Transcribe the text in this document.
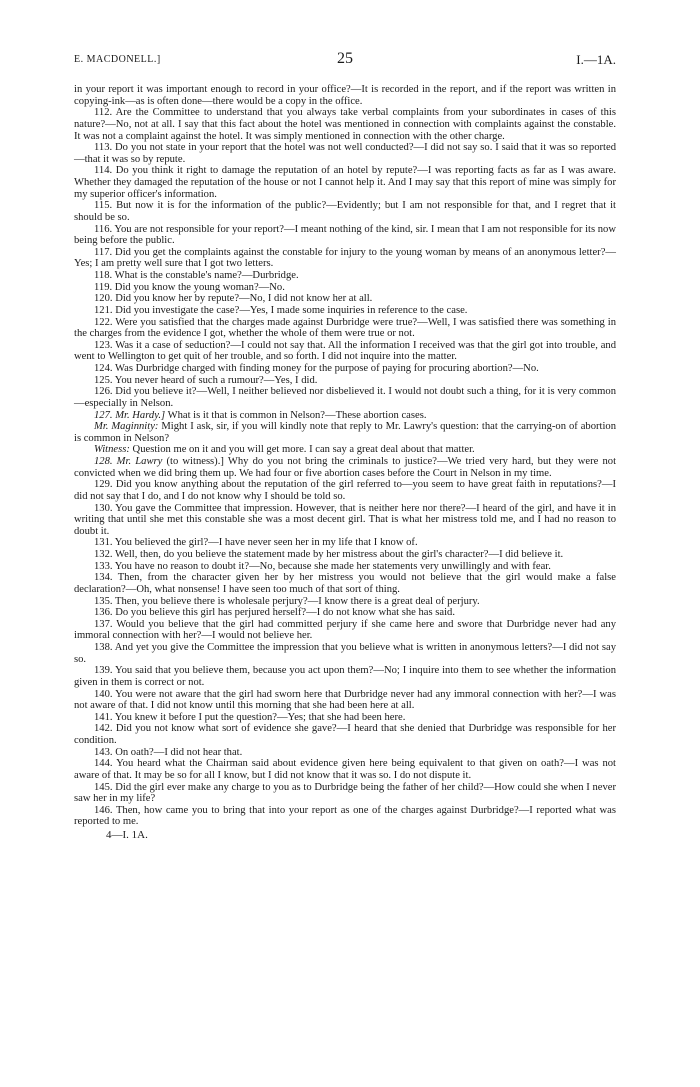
E. MACDONELL.]	25	I.—1A.

in your report it was important enough to record in your office?—It is recorded in the report, and if the report was written in copying-ink—as is often done—there would be a copy in the office.

112. Are the Committee to understand that you always take verbal complaints from your subordinates in cases of this nature?—No, not at all. I say that this fact about the hotel was mentioned in connection with complaints against the constable. It was not a complaint against the hotel. It was simply mentioned in connection with the other charge.

113. Do you not state in your report that the hotel was not well conducted?—I did not say so. I said that it was so reported—that it was so by repute.

114. Do you think it right to damage the reputation of an hotel by repute?—I was reporting facts as far as I was aware. Whether they damaged the reputation of the house or not I cannot help it. And I may say that this report of mine was simply for my superior officer's information.

115. But now it is for the information of the public?—Evidently; but I am not responsible for that, and I regret that it should be so.

116. You are not responsible for your report?—I meant nothing of the kind, sir. I mean that I am not responsible for its now being before the public.

117. Did you get the complaints against the constable for injury to the young woman by means of an anonymous letter?—Yes; I am pretty well sure that I got two letters.

118. What is the constable's name?—Durbridge.

119. Did you know the young woman?—No.

120. Did you know her by repute?—No, I did not know her at all.

121. Did you investigate the case?—Yes, I made some inquiries in reference to the case.

122. Were you satisfied that the charges made against Durbridge were true?—Well, I was satisfied there was something in the charges from the evidence I got, whether the whole of them were true or not.

123. Was it a case of seduction?—I could not say that. All the information I received was that the girl got into trouble, and went to Wellington to get quit of her trouble, and so forth. I did not inquire into the matter.

124. Was Durbridge charged with finding money for the purpose of paying for procuring abortion?—No.

125. You never heard of such a rumour?—Yes, I did.

126. Did you believe it?—Well, I neither believed nor disbelieved it. I would not doubt such a thing, for it is very common—especially in Nelson.

127. Mr. Hardy.] What is it that is common in Nelson?—These abortion cases.

Mr. Maginnity: Might I ask, sir, if you will kindly note that reply to Mr. Lawry's question: that the carrying-on of abortion is common in Nelson?

Witness: Question me on it and you will get more. I can say a great deal about that matter.

128. Mr. Lawry (to witness).] Why do you not bring the criminals to justice?—We tried very hard, but they were not convicted when we did bring them up. We had four or five abortion cases before the Court in Nelson in my time.

129. Did you know anything about the reputation of the girl referred to—you seem to have great faith in reputations?—I did not say that I do, and I do not know why I should be told so.

130. You gave the Committee that impression. However, that is neither here nor there?—I heard of the girl, and have it in writing that until she met this constable she was a most decent girl. That is what her mistress told me, and I had no reason to doubt it.

131. You believed the girl?—I have never seen her in my life that I know of.

132. Well, then, do you believe the statement made by her mistress about the girl's character?—I did believe it.

133. You have no reason to doubt it?—No, because she made her statements very unwillingly and with fear.

134. Then, from the character given her by her mistress you would not believe that the girl would make a false declaration?—Oh, what nonsense! I have seen too much of that sort of thing.

135. Then, you believe there is wholesale perjury?—I know there is a great deal of perjury.

136. Do you believe this girl has perjured herself?—I do not know what she has said.

137. Would you believe that the girl had committed perjury if she came here and swore that Durbridge never had any immoral connection with her?—I would not believe her.

138. And yet you give the Committee the impression that you believe what is written in anonymous letters?—I did not say so.

139. You said that you believe them, because you act upon them?—No; I inquire into them to see whether the information given in them is correct or not.

140. You were not aware that the girl had sworn here that Durbridge never had any immoral connection with her?—I was not aware of that. I did not know until this morning that she had been here at all.

141. You knew it before I put the question?—Yes; that she had been here.

142. Did you not know what sort of evidence she gave?—I heard that she denied that Durbridge was responsible for her condition.

143. On oath?—I did not hear that.

144. You heard what the Chairman said about evidence given here being equivalent to that given on oath?—I was not aware of that. It may be so for all I know, but I did not know that it was so. I do not dispute it.

145. Did the girl ever make any charge to you as to Durbridge being the father of her child?—How could she when I never saw her in my life?

146. Then, how came you to bring that into your report as one of the charges against Durbridge?—I reported what was reported to me.

4—I. 1A.
